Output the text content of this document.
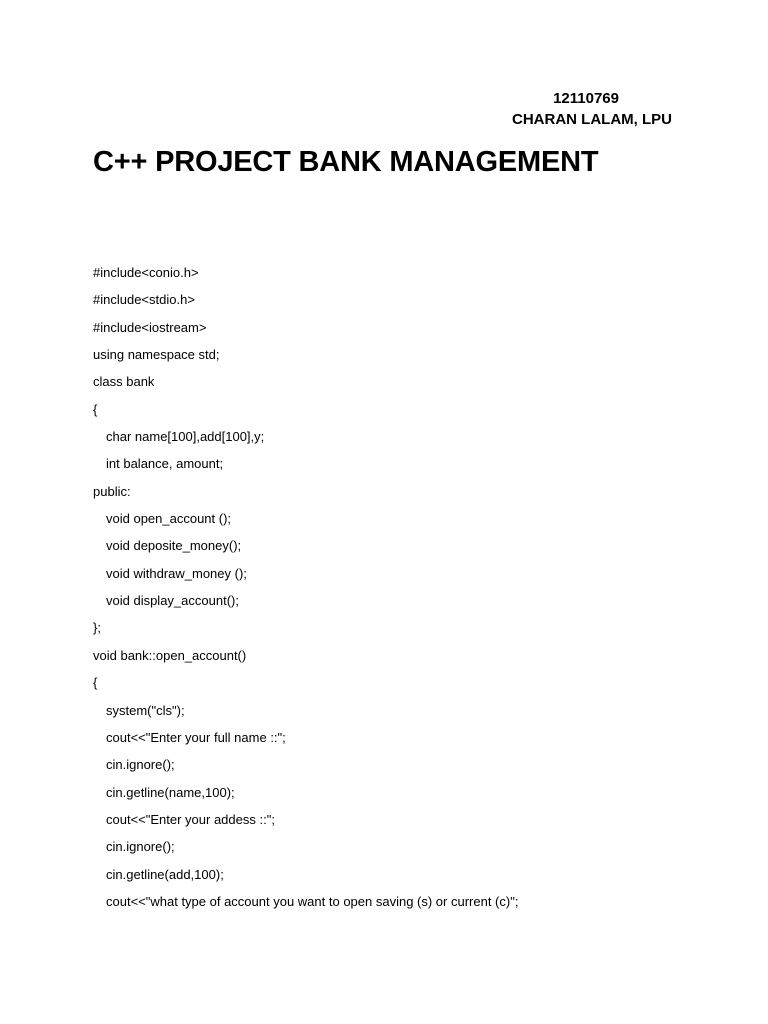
12110769
CHARAN LALAM, LPU
C++ PROJECT BANK MANAGEMENT
#include<conio.h>
#include<stdio.h>
#include<iostream>
using namespace std;
class bank
{
char name[100],add[100],y;
int balance, amount;
public:
void open_account ();
void deposite_money();
void withdraw_money ();
void display_account();
};
void bank::open_account()
{
system("cls");
cout<<"Enter your full name ::";
cin.ignore();
cin.getline(name,100);
cout<<"Enter your addess ::";
cin.ignore();
cin.getline(add,100);
cout<<"what type of account you want to open saving (s) or current (c)";
